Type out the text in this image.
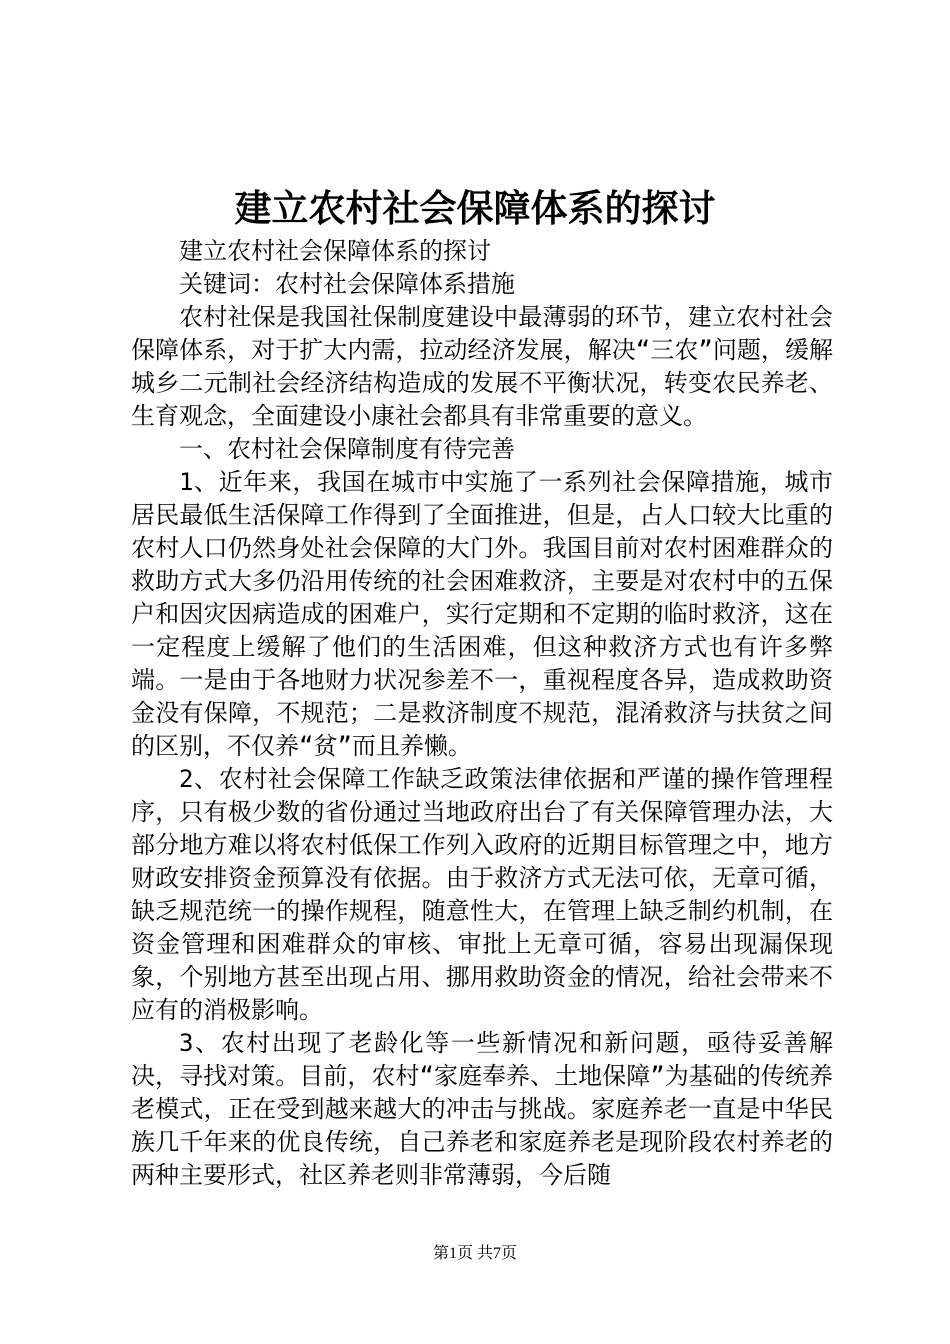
建立农村社会保障体系的探讨

建立农村社会保障体系的探讨

关键词：农村社会保障体系措施

农村社保是我国社保制度建设中最薄弱的环节，建立农村社会保障体系，对于扩大内需，拉动经济发展，解决“三农”问题，缓解城乡二元制社会经济结构造成的发展不平衡状况，转变农民养老、生育观念，全面建设小康社会都具有非常重要的意义。

一、农村社会保障制度有待完善

1、近年来，我国在城市中实施了一系列社会保障措施，城市居民最低生活保障工作得到了全面推进，但是，占人口较大比重的农村人口仍然身处社会保障的大门外。我国目前对农村困难群众的救助方式大多仍沿用传统的社会困难救济，主要是对农村中的五保户和因灾因病造成的困难户，实行定期和不定期的临时救济，这在一定程度上缓解了他们的生活困难，但这种救济方式也有许多弊端。一是由于各地财力状况参差不一，重视程度各异，造成救助资金没有保障，不规范；二是救济制度不规范，混淆救济与扶贫之间的区别，不仅养“贫”而且养懒。

2、农村社会保障工作缺乏政策法律依据和严谨的操作管理程序，只有极少数的省份通过当地政府出台了有关保障管理办法，大部分地方难以将农村低保工作列入政府的近期目标管理之中，地方财政安排资金预算没有依据。由于救济方式无法可依，无章可循，缺乏规范统一的操作规程，随意性大，在管理上缺乏制约机制，在资金管理和困难群众的审核、审批上无章可循，容易出现漏保现象，个别地方甚至出现占用、挪用救助资金的情况，给社会带来不应有的消极影响。

3、农村出现了老龄化等一些新情况和新问题，亟待妥善解决，寻找对策。目前，农村“家庭奉养、土地保障”为基础的传统养老模式，正在受到越来越大的冲击与挑战。家庭养老一直是中华民族几千年来的优良传统，自己养老和家庭养老是现阶段农村养老的两种主要形式，社区养老则非常薄弱，今后随

第1页 共7页
